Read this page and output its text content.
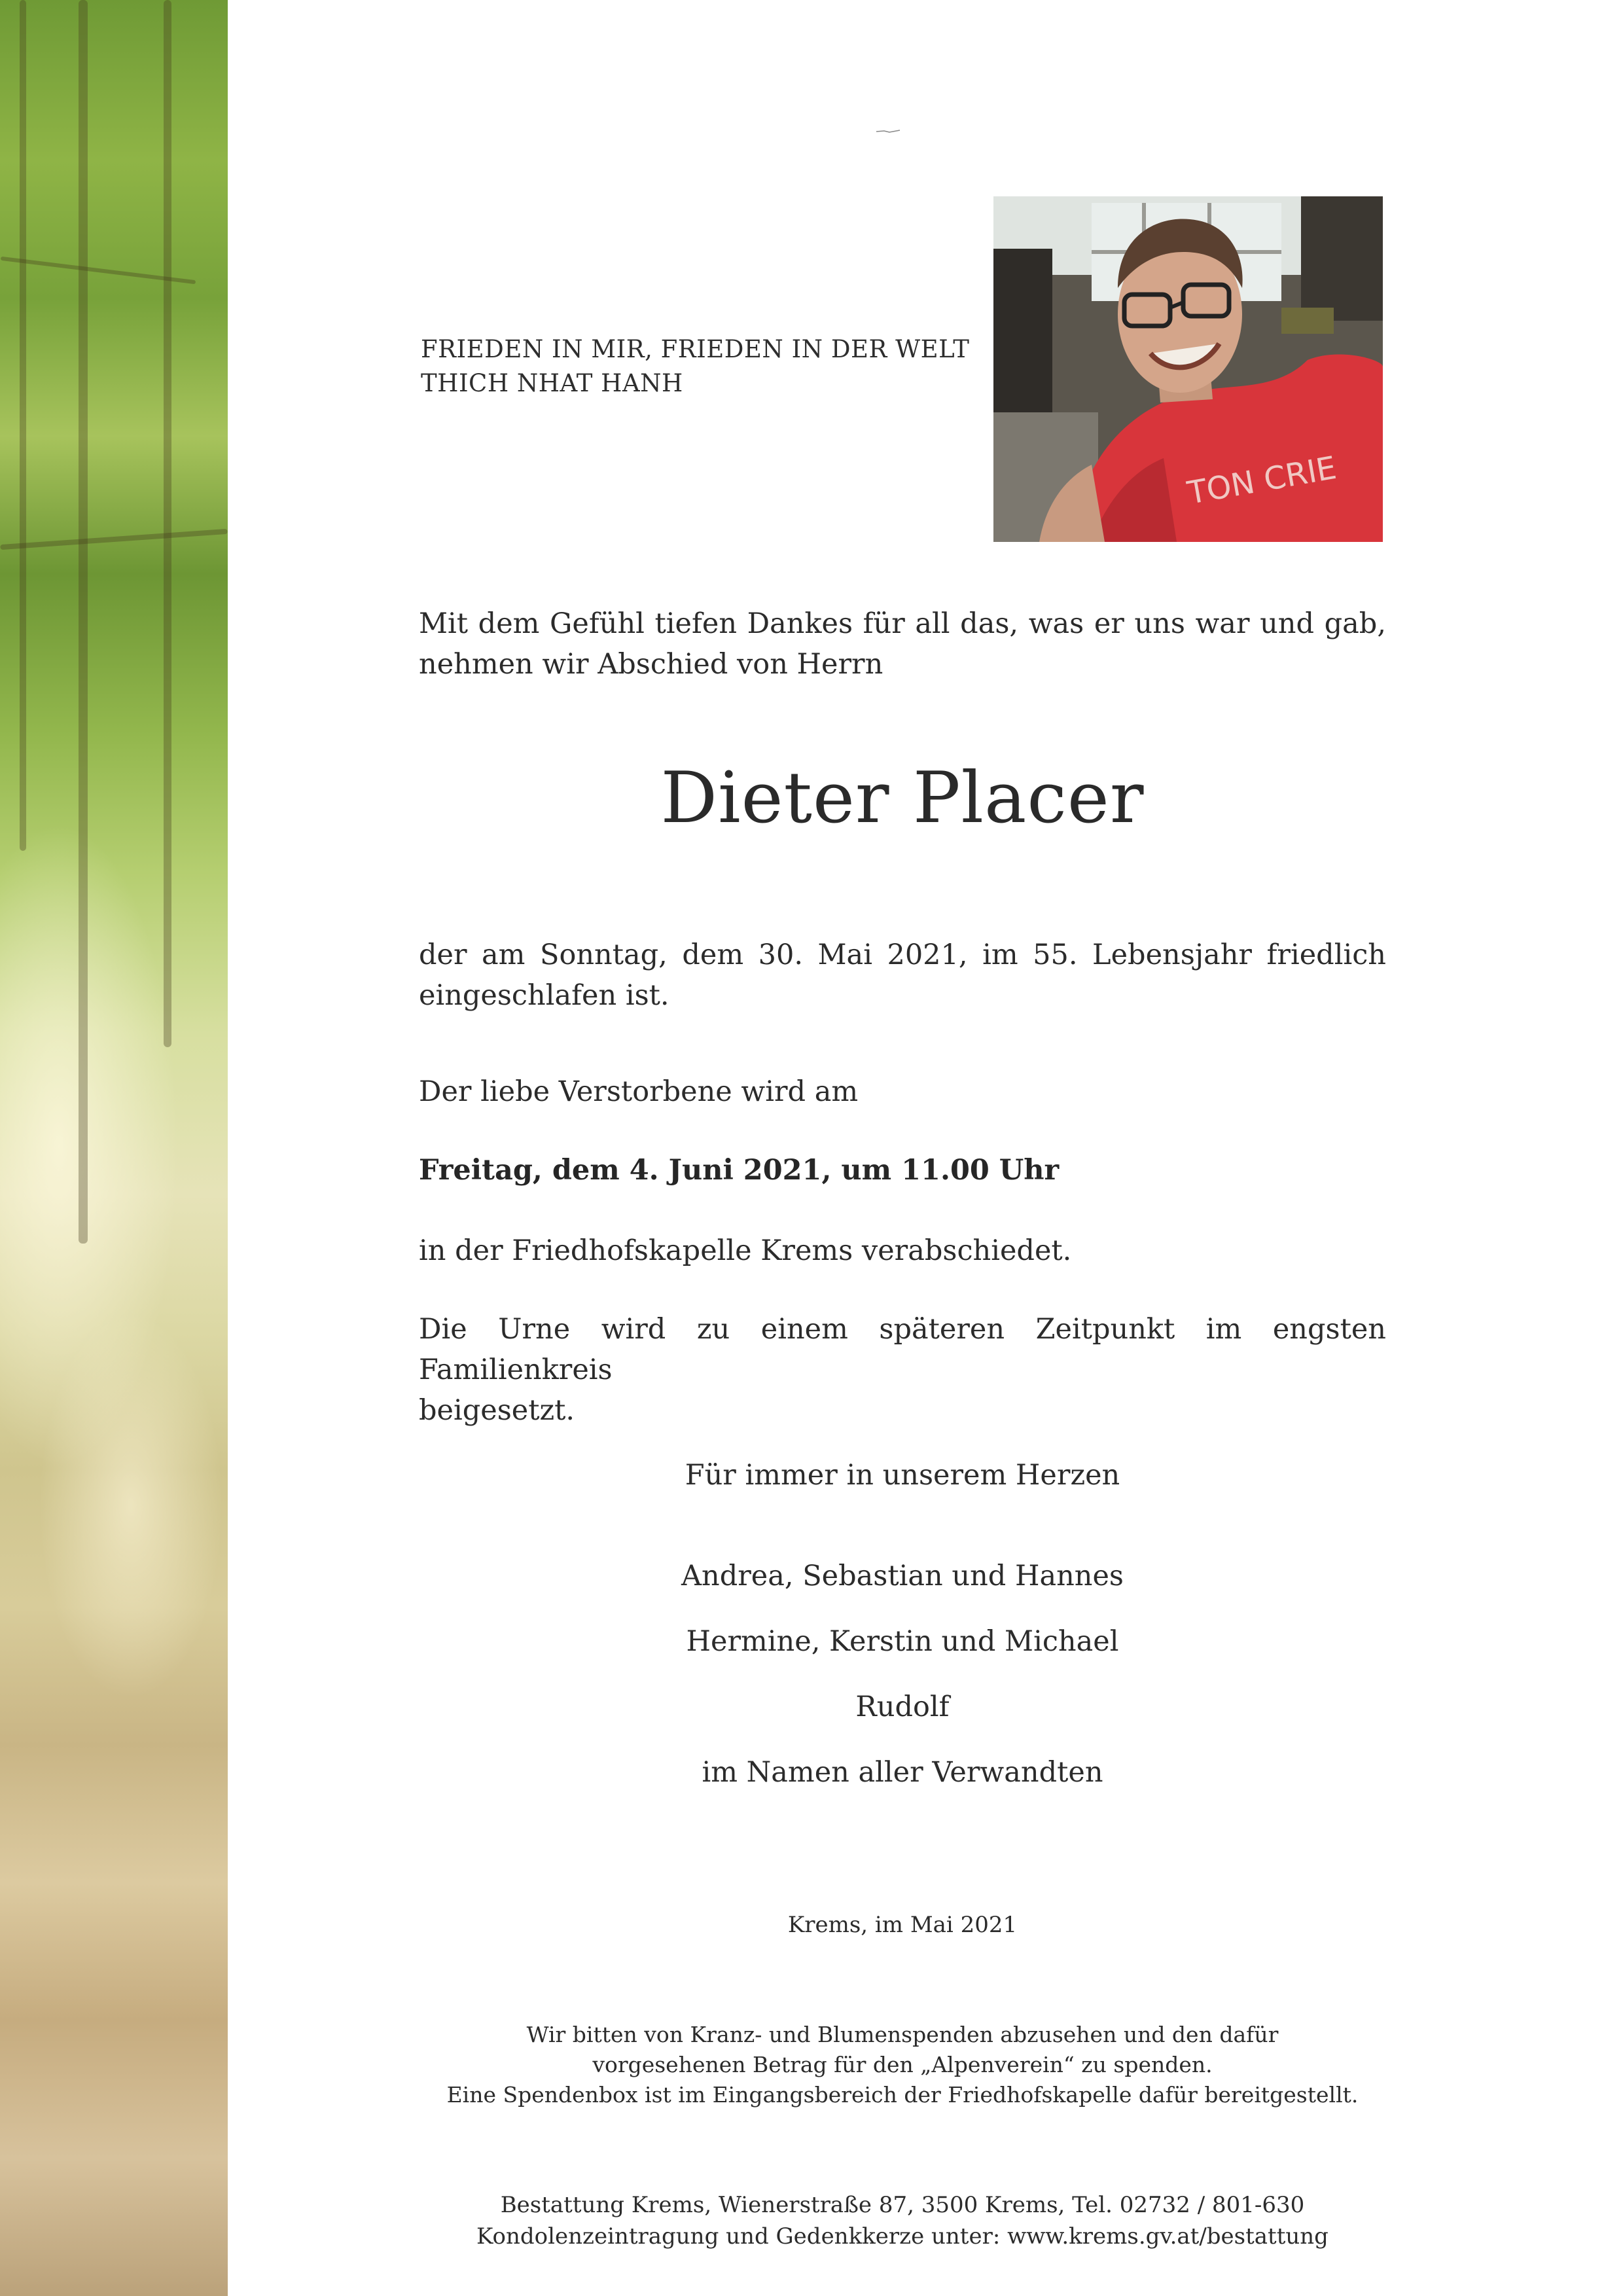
FRIEDEN IN MIR, FRIEDEN IN DER WELT
THICH NHAT HANH
TON CRIE
Mit dem Gefühl tiefen Dankes für all das, was er uns war und gab,
nehmen wir Abschied von Herrn
Dieter Placer
der am Sonntag, dem 30. Mai 2021, im 55. Lebensjahr friedlich
eingeschlafen ist.
Der liebe Verstorbene wird am
Freitag, dem 4. Juni 2021, um 11.00 Uhr
in der Friedhofskapelle Krems verabschiedet.
Die Urne wird zu einem späteren Zeitpunkt im engsten Familienkreis
beigesetzt.
Für immer in unserem Herzen
Andrea, Sebastian und Hannes
Hermine, Kerstin und Michael
Rudolf
im Namen aller Verwandten
Krems, im Mai 2021
Wir bitten von Kranz- und Blumenspenden abzusehen und den dafür
vorgesehenen Betrag für den „Alpenverein“ zu spenden.
Eine Spendenbox ist im Eingangsbereich der Friedhofskapelle dafür bereitgestellt.
Bestattung Krems, Wienerstraße 87, 3500 Krems, Tel. 02732 / 801-630
Kondolenzeintragung und Gedenkkerze unter: www.krems.gv.at/bestattung
